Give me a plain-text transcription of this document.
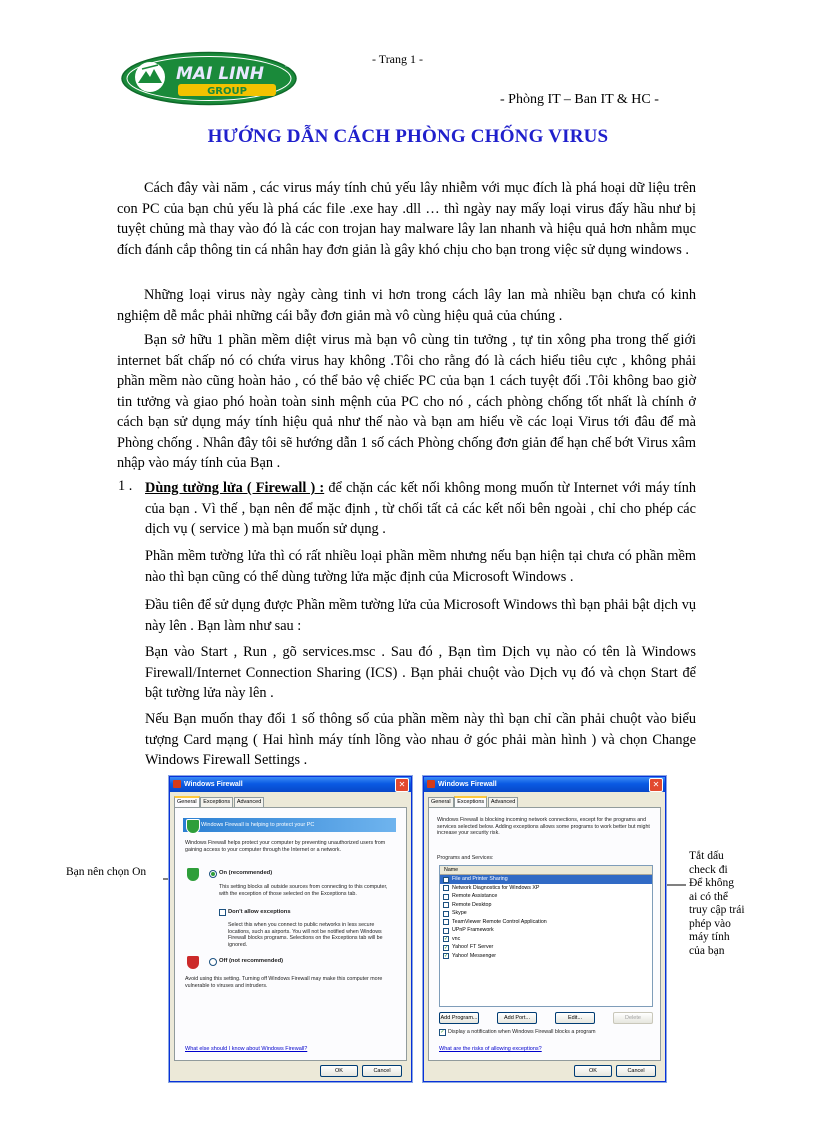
- Trang 1 -
MAI LINH	®
GROUP
- Phòng IT – Ban IT & HC -
HƯỚNG DẪN CÁCH PHÒNG CHỐNG VIRUS

Cách đây vài năm , các virus máy tính chủ yếu lây nhiễm với mục đích là phá hoại dữ liệu trên con PC của bạn chủ yếu là phá các file .exe hay .dll … thì ngày nay mấy loại virus đấy hầu như bị tuyệt chủng mà thay vào đó là các con trojan hay malware lây lan nhanh và hiệu quả hơn nhằm mục đích đánh cắp thông tin cá nhân hay đơn giản là gây khó chịu cho bạn trong việc sử dụng windows .

Những loại virus này ngày càng tinh vi hơn trong cách lây lan mà nhiều bạn chưa có kinh nghiệm dễ mắc phải những cái bẫy đơn giản mà vô cùng hiệu quả của chúng .

Bạn sở hữu 1 phần mềm diệt virus mà bạn vô cùng tin tưởng , tự tin xông pha trong thế giới internet bất chấp nó có chứa virus hay không .Tôi cho rằng đó là cách hiểu tiêu cực , không phải phần mềm nào cũng hoàn hảo , có thể bảo vệ chiếc PC của bạn 1 cách tuyệt đối .Tôi không bao giờ tin tưởng và giao phó hoàn toàn sinh mệnh của PC cho nó , cách phòng chống tốt nhất là chính ở cách bạn sử dụng máy tính hiệu quả như thế nào và bạn am hiểu về các loại Virus tới đâu để mà Phòng chống . Nhân đây tôi sẽ hướng dẫn 1 số cách Phòng chống đơn giản để hạn chế bớt Virus xâm nhập vào máy tính của Bạn .

1 . Dùng tường lửa ( Firewall ) : để chặn các kết nối không mong muốn từ Internet với máy tính của bạn . Vì thế , bạn nên để mặc định , từ chối tất cả các kết nối bên ngoài , chỉ cho phép các dịch vụ ( service ) mà bạn muốn sử dụng .

Phần mềm tường lửa thì có rất nhiều loại phần mềm nhưng nếu bạn hiện tại chưa có phần mềm nào thì bạn cũng có thể dùng tường lửa mặc định của Microsoft Windows .

Đầu tiên để sử dụng được Phần mềm tường lửa của Microsoft Windows thì bạn phải bật dịch vụ này lên . Bạn làm như sau :

Bạn vào Start , Run , gõ services.msc . Sau đó , Bạn tìm Dịch vụ nào có tên là Windows Firewall/Internet Connection Sharing (ICS) . Bạn phải chuột vào Dịch vụ đó và chọn Start để bật tường lửa này lên .

Nếu Bạn muốn thay đổi 1 số thông số của phần mềm này thì bạn chỉ cần phải chuột vào biểu tượng Card mạng ( Hai hình máy tính lồng vào nhau ở góc phải màn hình ) và chọn Change Windows Firewall Settings .

Bạn nên chọn On
Tắt dấu
check đi
Để không
ai có thể
truy cập trái
phép vào
máy tính
của bạn
Windows Firewall	✕
General Exceptions Advanced
Windows Firewall is helping to protect your PC
Windows Firewall helps protect your computer by preventing unauthorized users from gaining access to your computer through the Internet or a network.
On (recommended)
This setting blocks all outside sources from connecting to this computer, with the exception of those selected on the Exceptions tab.
Don't allow exceptions
Select this when you connect to public networks in less secure locations, such as airports. You will not be notified when Windows Firewall blocks programs. Selections on the Exceptions tab will be ignored.
Off (not recommended)
Avoid using this setting. Turning off Windows Firewall may make this computer more vulnerable to viruses and intruders.
What else should I know about Windows Firewall?
OK	Cancel
Windows Firewall	✕
General Exceptions Advanced
Windows Firewall is blocking incoming network connections, except for the programs and services selected below. Adding exceptions allows some programs to work better but might increase your security risk.
Programs and Services:
Name
File and Printer Sharing
Network Diagnostics for Windows XP
Remote Assistance
Remote Desktop
Skype
TeamViewer Remote Control Application
UPnP Framework
✓ vnc
✓ Yahoo! FT Server
✓ Yahoo! Messenger
Add Program...	Add Port...	Edit...	Delete
✓ Display a notification when Windows Firewall blocks a program
What are the risks of allowing exceptions?
OK	Cancel
